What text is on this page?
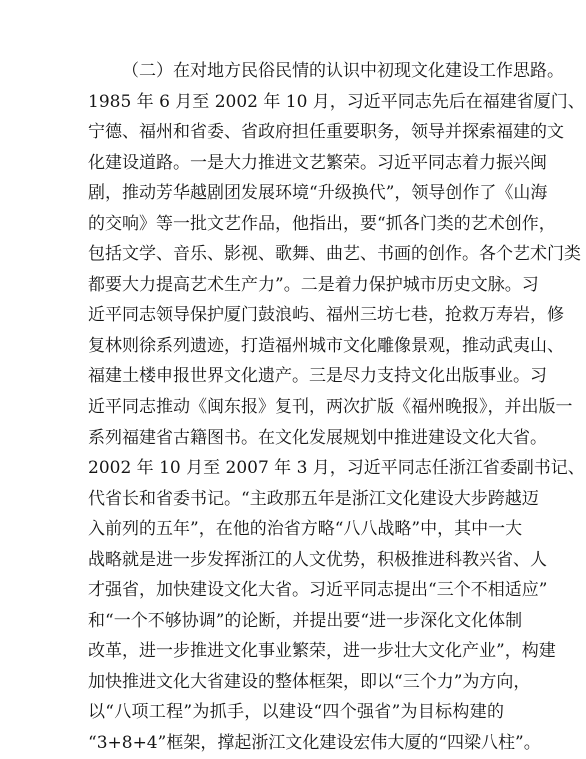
（二）在对地方民俗民情的认识中初现文化建设工作思路。
1985 年 6 月至 2002 年 10 月，习近平同志先后在福建省厦门、
宁德、福州和省委、省政府担任重要职务，领导并探索福建的文
化建设道路。一是大力推进文艺繁荣。习近平同志着力振兴闽
剧，推动芳华越剧团发展环境“升级换代”，领导创作了《山海
的交响》等一批文艺作品，他指出，要“抓各门类的艺术创作，
包括文学、音乐、影视、歌舞、曲艺、书画的创作。各个艺术门类
都要大力提高艺术生产力”。二是着力保护城市历史文脉。习
近平同志领导保护厦门鼓浪屿、福州三坊七巷，抢救万寿岩，修
复林则徐系列遗迹，打造福州城市文化雕像景观，推动武夷山、
福建土楼申报世界文化遗产。三是尽力支持文化出版事业。习
近平同志推动《闽东报》复刊，两次扩版《福州晚报》，并出版一
系列福建省古籍图书。在文化发展规划中推进建设文化大省。
2002 年 10 月至 2007 年 3 月，习近平同志任浙江省委副书记、
代省长和省委书记。“主政那五年是浙江文化建设大步跨越迈
入前列的五年”，在他的治省方略“八八战略”中，其中一大
战略就是进一步发挥浙江的人文优势，积极推进科教兴省、人
才强省，加快建设文化大省。习近平同志提出“三个不相适应”
和“一个不够协调”的论断，并提出要“进一步深化文化体制
改革，进一步推进文化事业繁荣，进一步壮大文化产业”，构建
加快推进文化大省建设的整体框架，即以“三个力”为方向，
以“八项工程”为抓手，以建设“四个强省”为目标构建的
“3+8+4”框架，撑起浙江文化建设宏伟大厦的“四梁八柱”。
